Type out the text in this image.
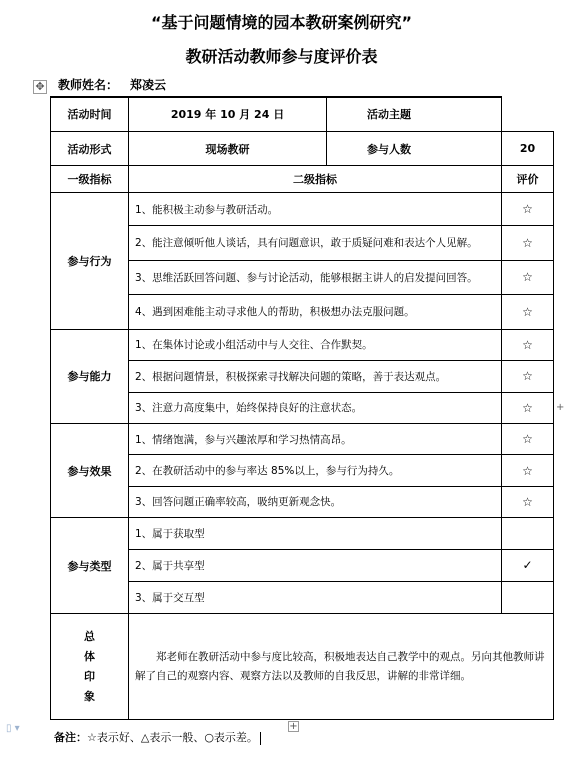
“基于问题情境的园本教研案例研究”
教研活动教师参与度评价表
✥ 教师姓名： 郑凌云
活动时间	2019 年 10 月 24 日	活动主题
活动形式	现场教研	参与人数	20
一级指标	二级指标		评价
参与行为	1、能积极主动参与教研活动。		☆
	2、能注意倾听他人谈话，具有问题意识，敢于质疑问难和表达个人见解。		☆
	3、思维活跃回答问题、参与讨论活动，能够根据主讲人的启发提问回答。		☆
	4、遇到困难能主动寻求他人的帮助，积极想办法克服问题。		☆
参与能力	1、在集体讨论或小组活动中与人交往、合作默契。		☆
	2、根据问题情景，积极探索寻找解决问题的策略，善于表达观点。		☆
	3、注意力高度集中，始终保持良好的注意状态。		☆
参与效果	1、情绪饱满，参与兴趣浓厚和学习热情高昂。		☆
	2、在教研活动中的参与率达 85%以上，参与行为持久。		☆
	3、回答问题正确率较高，吸纳更新观念快。		☆
参与类型	1、属于获取型		
	2、属于共享型		✓
	3、属于交互型		

总
体
印
象	郑老师在教研活动中参与度比较高，积极地表达自己教学中的观点。另向其他教师讲解了自己的观察内容、观察方法以及教师的自我反思，讲解的非常详细。		
▯ ▾	+
+
备注：☆表示好、△表示一般、○表示差。
